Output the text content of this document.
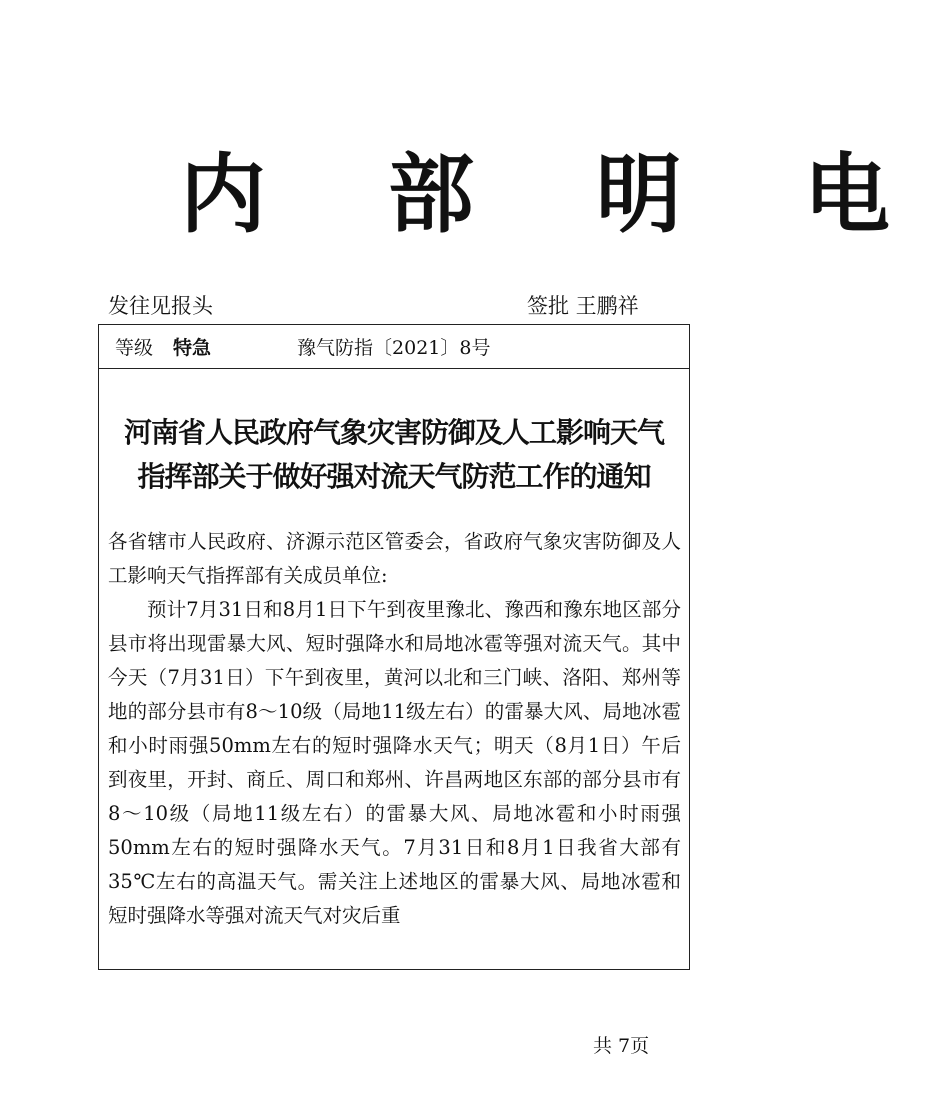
内 部 明 电
发往见报头	签批 王鹏祥
等级 特急	豫气防指〔2021〕8号
河南省人民政府气象灾害防御及人工影响天气
指挥部关于做好强对流天气防范工作的通知

各省辖市人民政府、济源示范区管委会，省政府气象灾害防御及人工影响天气指挥部有关成员单位:

预计7月31日和8月1日下午到夜里豫北、豫西和豫东地区部分县市将出现雷暴大风、短时强降水和局地冰雹等强对流天气。其中今天（7月31日）下午到夜里，黄河以北和三门峡、洛阳、郑州等地的部分县市有8～10级（局地11级左右）的雷暴大风、局地冰雹和小时雨强50mm左右的短时强降水天气；明天（8月1日）午后到夜里，开封、商丘、周口和郑州、许昌两地区东部的部分县市有8～10级（局地11级左右）的雷暴大风、局地冰雹和小时雨强50mm左右的短时强降水天气。7月31日和8月1日我省大部有35℃左右的高温天气。需关注上述地区的雷暴大风、局地冰雹和短时强降水等强对流天气对灾后重

共 7页
